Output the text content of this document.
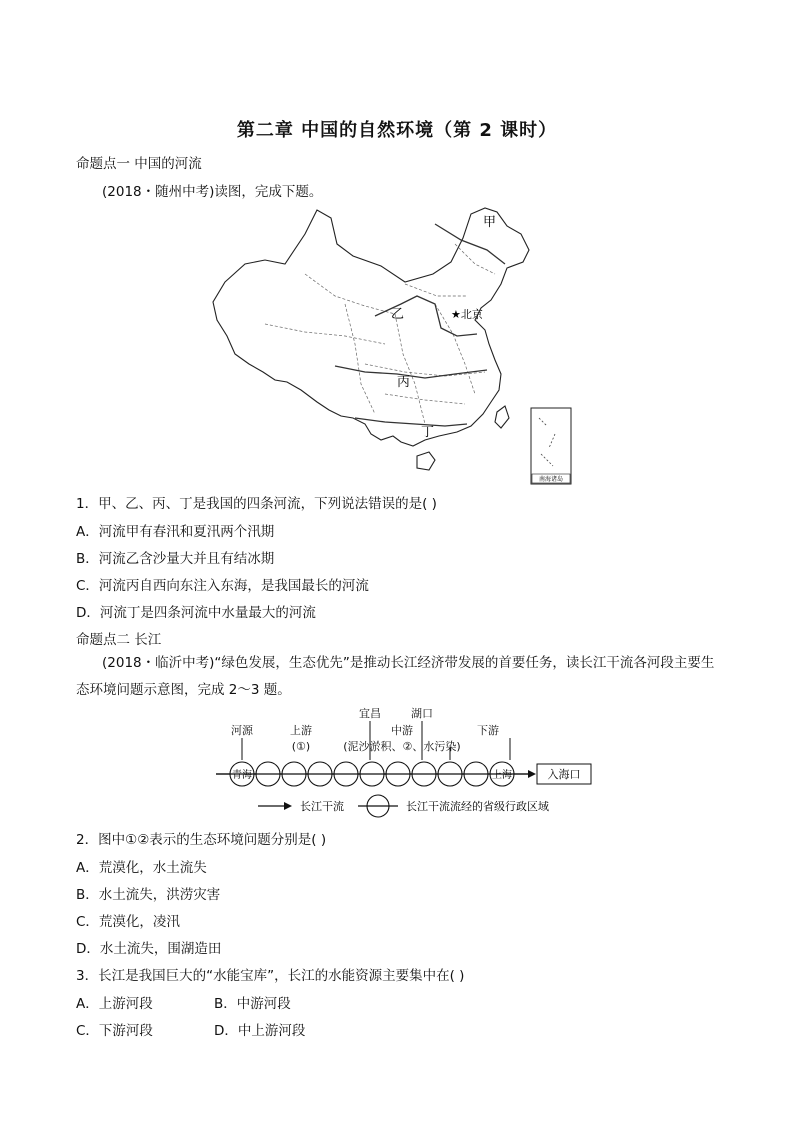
第二章 中国的自然环境（第 2 课时）
命题点一 中国的河流
(2018・随州中考)读图，完成下题。
甲
乙	★北京
丙
丁
南海诸岛
1．甲、乙、丙、丁是我国的四条河流，下列说法错误的是( )
A．河流甲有春汛和夏汛两个汛期
B．河流乙含沙量大并且有结冰期
C．河流丙自西向东注入东海，是我国最长的河流
D．河流丁是四条河流中水量最大的河流
命题点二 长江
(2018・临沂中考)“绿色发展，生态优先”是推动长江经济带发展的首要任务，读长江干流各河段主要生态环境问题示意图，完成 2～3 题。
河源	上游
(①)
宜昌	湖口
中游
(泥沙淤积、②、水污染)
下游
青海	上海	入海口
长江干流	长江干流流经的省级行政区域
2．图中①②表示的生态环境问题分别是( )
A．荒漠化，水土流失
B．水土流失，洪涝灾害
C．荒漠化，凌汛
D．水土流失，围湖造田
3．长江是我国巨大的“水能宝库”，长江的水能资源主要集中在( )
A．上游河段	B．中游河段
C．下游河段	D．中上游河段
